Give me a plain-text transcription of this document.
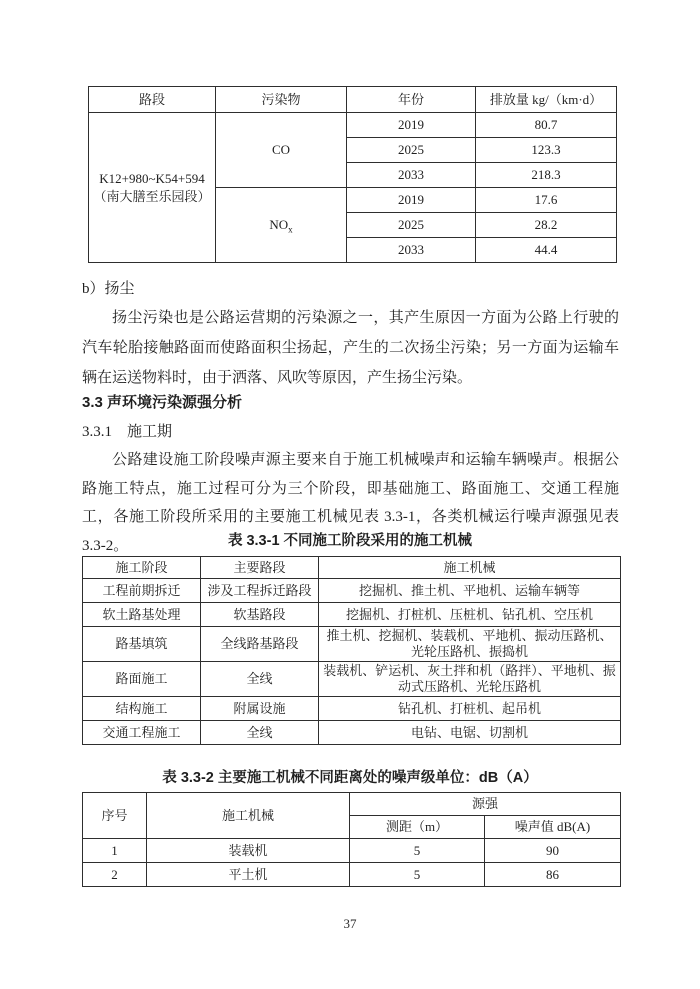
路段	污染物	年份	排放量 kg/（km·d）
K12+980~K54+594（南大膳至乐园段）	CO	2019	80.7
		2025	123.3
		2033	218.3
	$NO_x$	2019	17.6
		2025	28.2
		2033	44.4
b）扬尘
扬尘污染也是公路运营期的污染源之一，其产生原因一方面为公路上行驶的汽车轮胎接触路面而使路面积尘扬起，产生的二次扬尘污染；另一方面为运输车辆在运送物料时，由于洒落、风吹等原因，产生扬尘污染。
3.3 声环境污染源强分析
3.3.1　施工期
公路建设施工阶段噪声源主要来自于施工机械噪声和运输车辆噪声。根据公路施工特点，施工过程可分为三个阶段，即基础施工、路面施工、交通工程施工，各施工阶段所采用的主要施工机械见表 3.3-1，各类机械运行噪声源强见表 3.3-2。	表 3.3-1 不同施工阶段采用的施工机械
施工阶段	主要路段	施工机械
工程前期拆迁	涉及工程拆迁路段	挖掘机、推土机、平地机、运输车辆等
软土路基处理	软基路段	挖掘机、打桩机、压桩机、钻孔机、空压机
路基填筑	全线路基路段	推土机、挖掘机、装载机、平地机、振动压路机、光轮压路机、振捣机
路面施工	全线	装载机、铲运机、灰土拌和机（路拌）、平地机、振动式压路机、光轮压路机
结构施工	附属设施	钻孔机、打桩机、起吊机
交通工程施工	全线	电钻、电锯、切割机
表 3.3-2 主要施工机械不同距离处的噪声级单位：dB（A）
序号	施工机械	源强	
		测距（m）	噪声值 dB(A)
1	装载机	5	90
2	平土机	5	86
37
